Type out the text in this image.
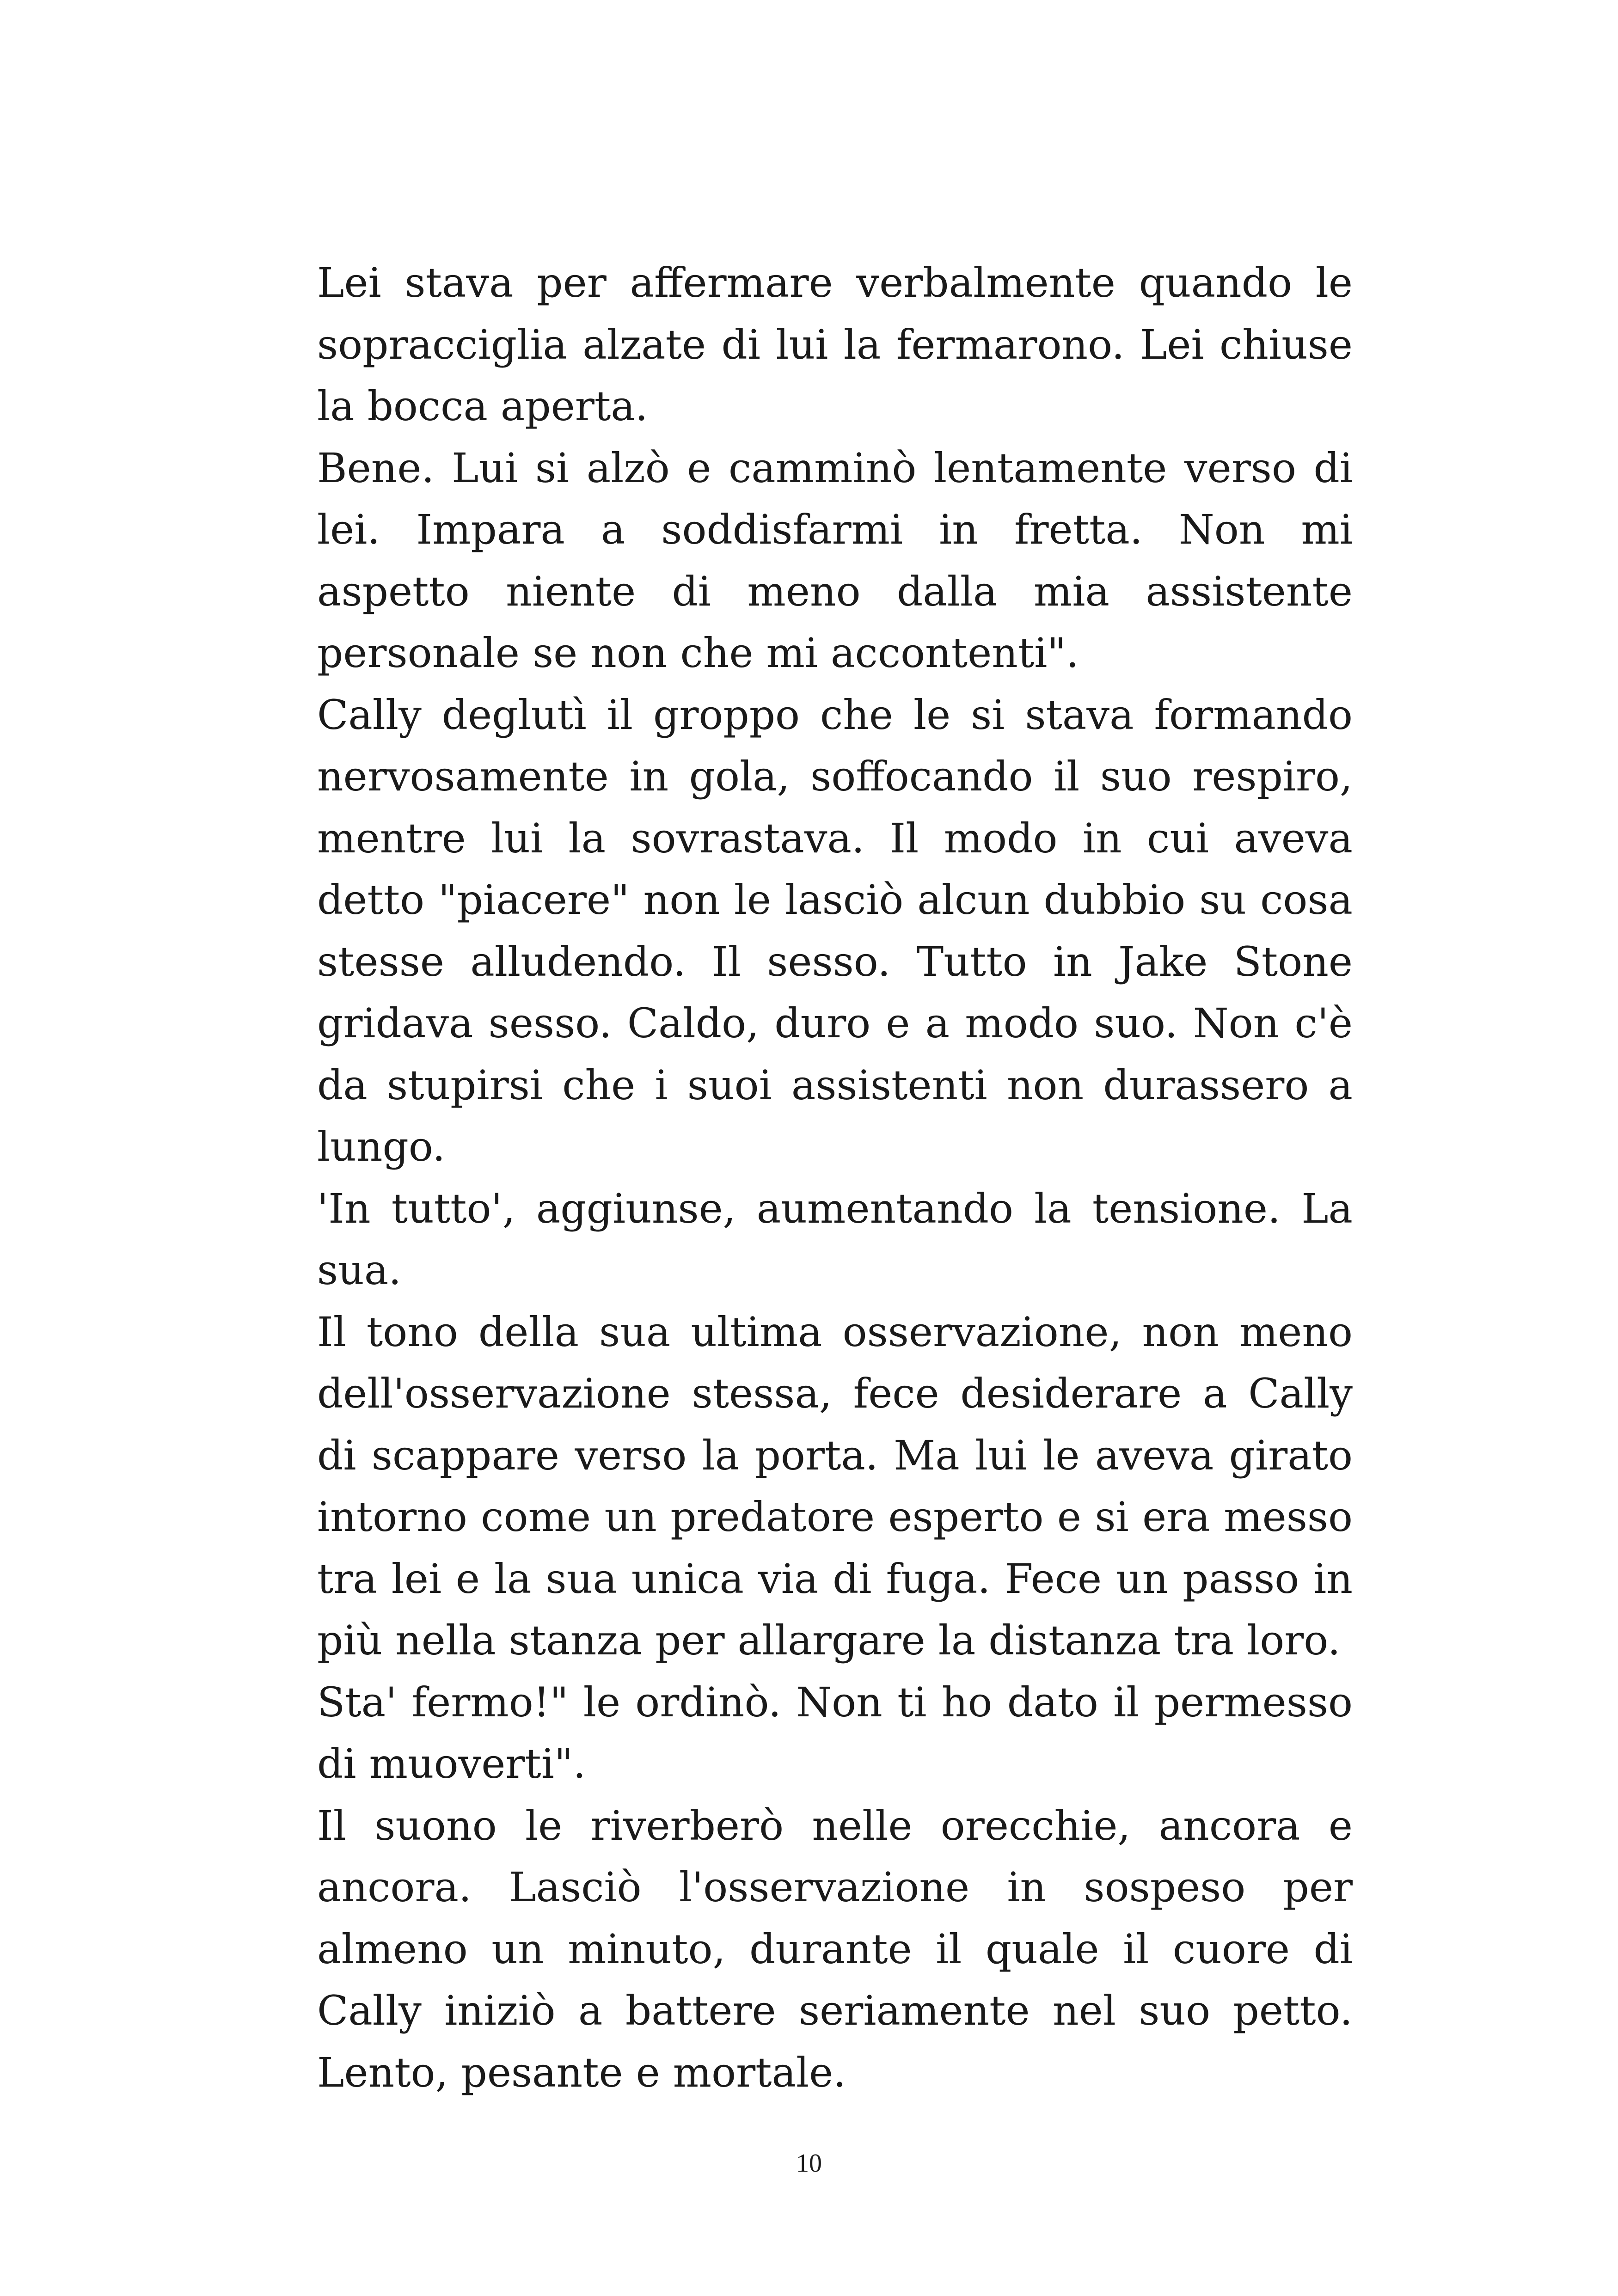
Lei stava per affermare verbalmente quando le sopracciglia alzate di lui la fermarono. Lei chiuse la bocca aperta.

Bene. Lui si alzò e camminò lentamente verso di lei. Impara a soddisfarmi in fretta. Non mi aspetto niente di meno dalla mia assistente personale se non che mi accontenti".

Cally deglutì il groppo che le si stava formando nervosamente in gola, soffocando il suo respiro, mentre lui la sovrastava. Il modo in cui aveva detto "piacere" non le lasciò alcun dubbio su cosa stesse alludendo. Il sesso. Tutto in Jake Stone gridava sesso. Caldo, duro e a modo suo. Non c'è da stupirsi che i suoi assistenti non durassero a lungo.

'In tutto', aggiunse, aumentando la tensione. La sua.

Il tono della sua ultima osservazione, non meno dell'osservazione stessa, fece desiderare a Cally di scappare verso la porta. Ma lui le aveva girato intorno come un predatore esperto e si era messo tra lei e la sua unica via di fuga. Fece un passo in più nella stanza per allargare la distanza tra loro.

Sta' fermo!" le ordinò. Non ti ho dato il permesso di muoverti".

Il suono le riverberò nelle orecchie, ancora e ancora. Lasciò l'osservazione in sospeso per almeno un minuto, durante il quale il cuore di Cally iniziò a battere seriamente nel suo petto. Lento, pesante e mortale.

10
